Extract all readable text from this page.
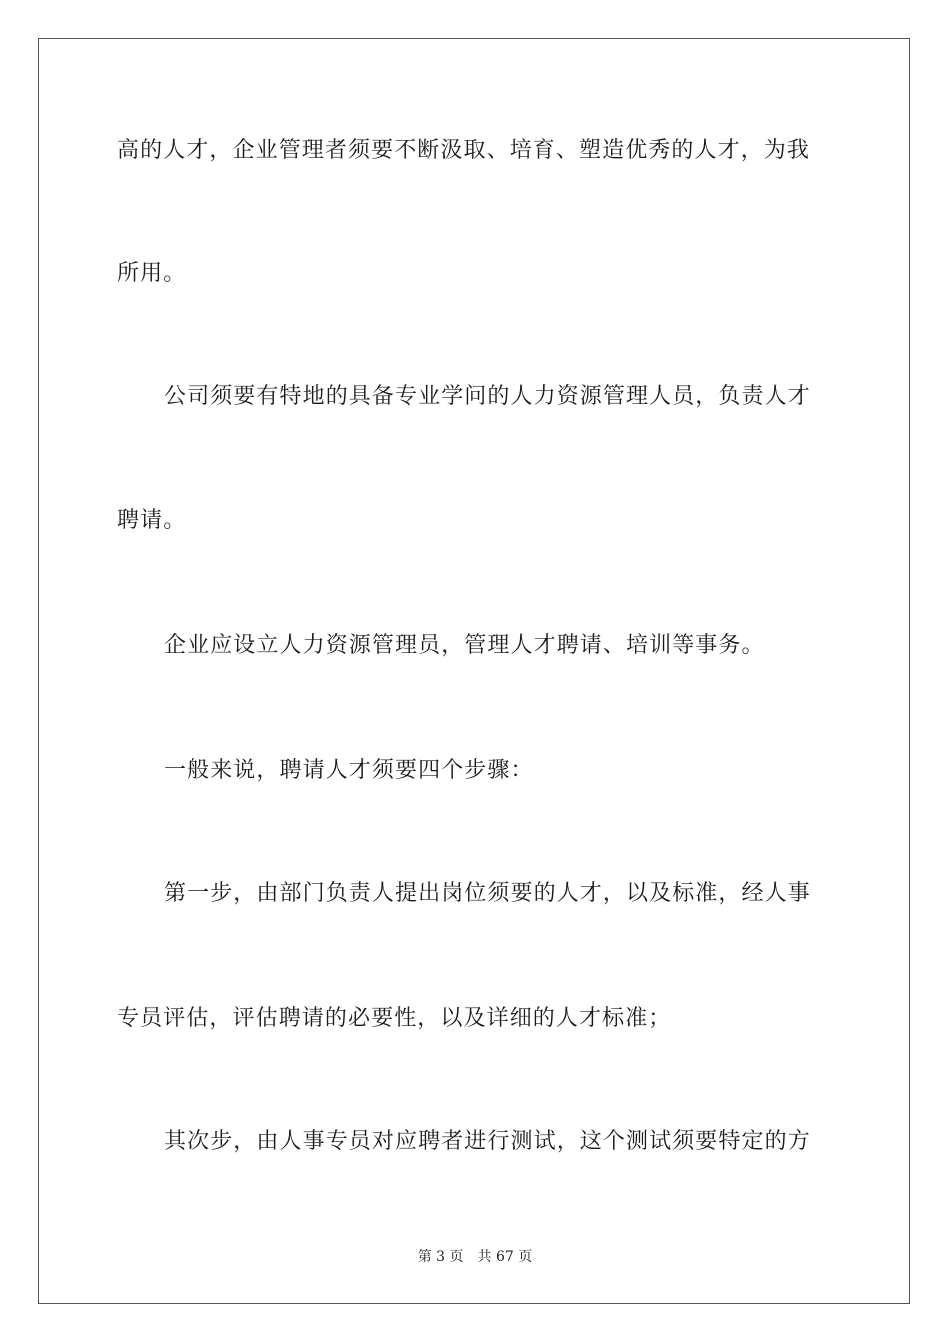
高的人才，企业管理者须要不断汲取、培育、塑造优秀的人才，为我
所用。
公司须要有特地的具备专业学问的人力资源管理人员，负责人才
聘请。
企业应设立人力资源管理员，管理人才聘请、培训等事务。
一般来说，聘请人才须要四个步骤：
第一步，由部门负责人提出岗位须要的人才，以及标准，经人事
专员评估，评估聘请的必要性，以及详细的人才标准；
其次步，由人事专员对应聘者进行测试，这个测试须要特定的方
第 3 页 共 67 页
